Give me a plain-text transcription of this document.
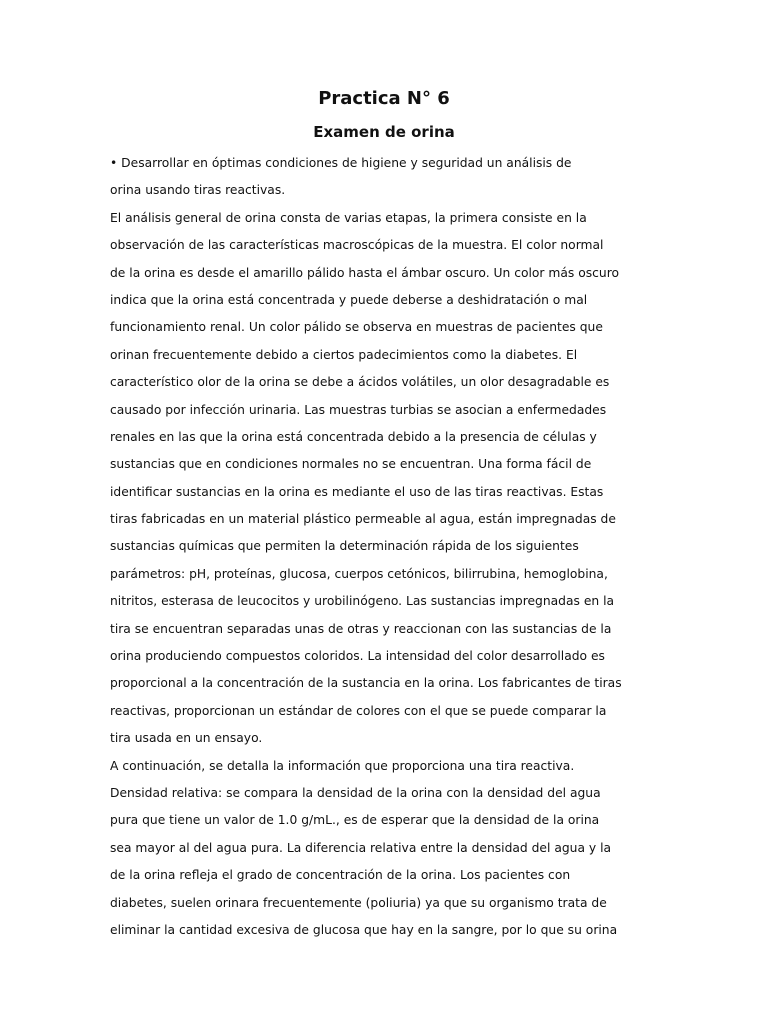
Practica N° 6
Examen de orina
• Desarrollar en óptimas condiciones de higiene y seguridad un análisis de
orina usando tiras reactivas.
El análisis general de orina consta de varias etapas, la primera consiste en la
observación de las características macroscópicas de la muestra. El color normal
de la orina es desde el amarillo pálido hasta el ámbar oscuro. Un color más oscuro
indica que la orina está concentrada y puede deberse a deshidratación o mal
funcionamiento renal. Un color pálido se observa en muestras de pacientes que
orinan frecuentemente debido a ciertos padecimientos como la diabetes. El
característico olor de la orina se debe a ácidos volátiles, un olor desagradable es
causado por infección urinaria. Las muestras turbias se asocian a enfermedades
renales en las que la orina está concentrada debido a la presencia de células y
sustancias que en condiciones normales no se encuentran. Una forma fácil de
identificar sustancias en la orina es mediante el uso de las tiras reactivas. Estas
tiras fabricadas en un material plástico permeable al agua, están impregnadas de
sustancias químicas que permiten la determinación rápida de los siguientes
parámetros: pH, proteínas, glucosa, cuerpos cetónicos, bilirrubina, hemoglobina,
nitritos, esterasa de leucocitos y urobilinógeno. Las sustancias impregnadas en la
tira se encuentran separadas unas de otras y reaccionan con las sustancias de la
orina produciendo compuestos coloridos. La intensidad del color desarrollado es
proporcional a la concentración de la sustancia en la orina. Los fabricantes de tiras
reactivas, proporcionan un estándar de colores con el que se puede comparar la
tira usada en un ensayo.
A continuación, se detalla la información que proporciona una tira reactiva.
Densidad relativa: se compara la densidad de la orina con la densidad del agua
pura que tiene un valor de 1.0 g/mL., es de esperar que la densidad de la orina
sea mayor al del agua pura. La diferencia relativa entre la densidad del agua y la
de la orina refleja el grado de concentración de la orina. Los pacientes con
diabetes, suelen orinara frecuentemente (poliuria) ya que su organismo trata de
eliminar la cantidad excesiva de glucosa que hay en la sangre, por lo que su orina
